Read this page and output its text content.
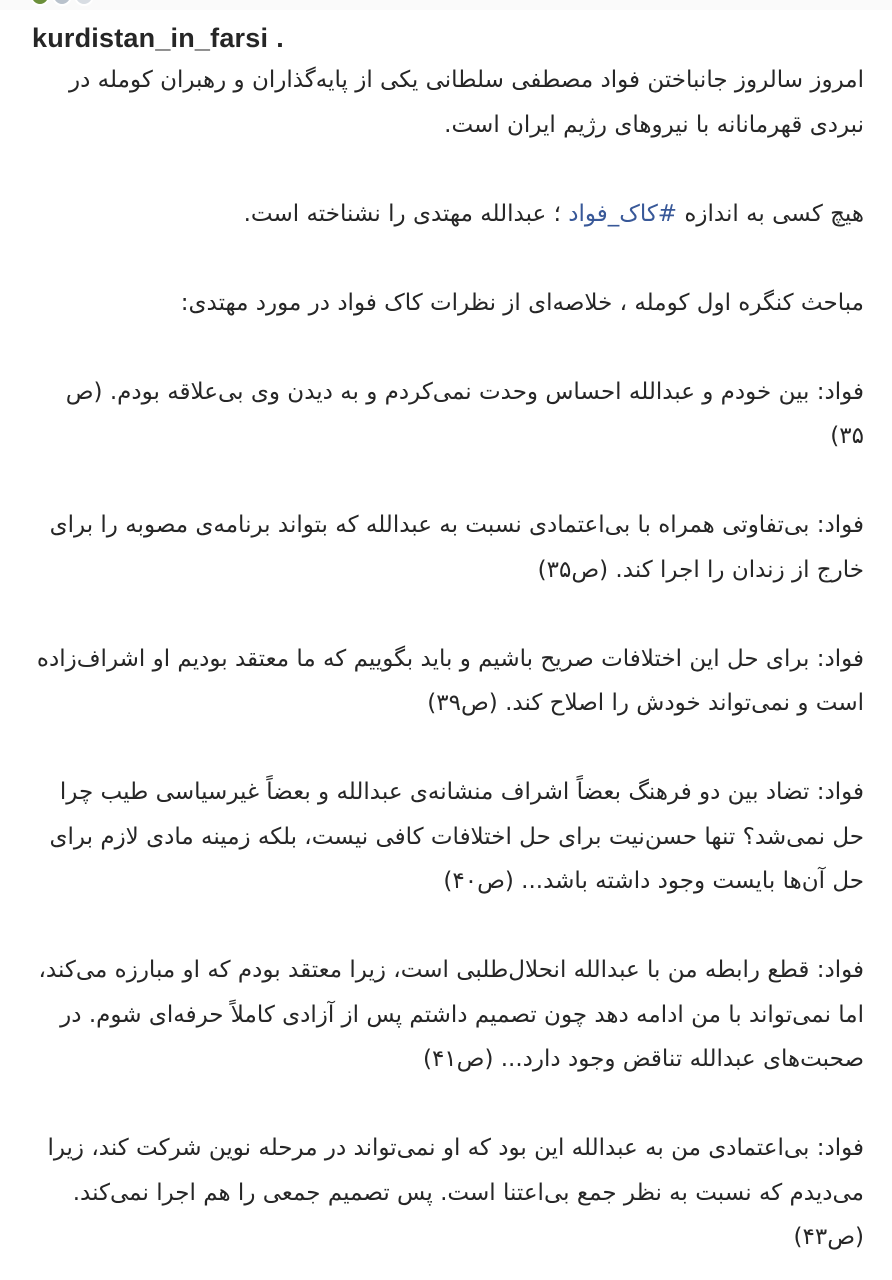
kurdistan_in_farsi .

امروز سالروز جانباختن فواد مصطفی سلطانی یکی از پایه‌گذاران و رهبران کومله در نبردی قهرمانانه با نیروهای رژیم ایران است.

هیچ کسی به اندازه #کاک_فواد ؛ عبدالله مهتدی را نشناخته است.

مباحث کنگره اول کومله ، خلاصه‌ای از نظرات کاک فواد در مورد مهتدی:

فواد: بین خودم و عبدالله احساس وحدت نمی‌کردم و به دیدن وی بی‌علاقه بودم. (ص ۳۵)

فواد: بی‌تفاوتی همراه با بی‌اعتمادی نسبت به عبدالله که بتواند برنامه‌ی مصوبه را برای خارج از زندان را اجرا کند. (ص۳۵)

فواد: برای حل این اختلافات صریح باشیم و باید بگوییم که ما معتقد بودیم او اشراف‌زاده است و نمی‌تواند خودش را اصلاح کند. (ص۳۹)

فواد: تضاد بین دو فرهنگ بعضاً اشراف منشانه‌ی عبدالله و بعضاً غیرسیاسی طیب چرا حل نمی‌شد؟ تنها حسن‌نیت برای حل اختلافات کافی نیست، بلکه زمینه مادی لازم برای حل آن‌ها بایست وجود داشته باشد... (ص۴۰)

فواد: قطع رابطه من با عبدالله انحلال‌طلبی است، زیرا معتقد بودم که او مبارزه می‌کند، اما نمی‌تواند با من ادامه دهد چون تصمیم داشتم پس از آزادی کاملاً حرفه‌ای شوم. در صحبت‌های عبدالله تناقض وجود دارد... (ص۴۱)

فواد: بی‌اعتمادی من به عبدالله این بود که او نمی‌تواند در مرحله نوین شرکت کند، زیرا می‌دیدم که نسبت به نظر جمع بی‌اعتنا است. پس تصمیم جمعی را هم اجرا نمی‌کند. (ص۴۳)
